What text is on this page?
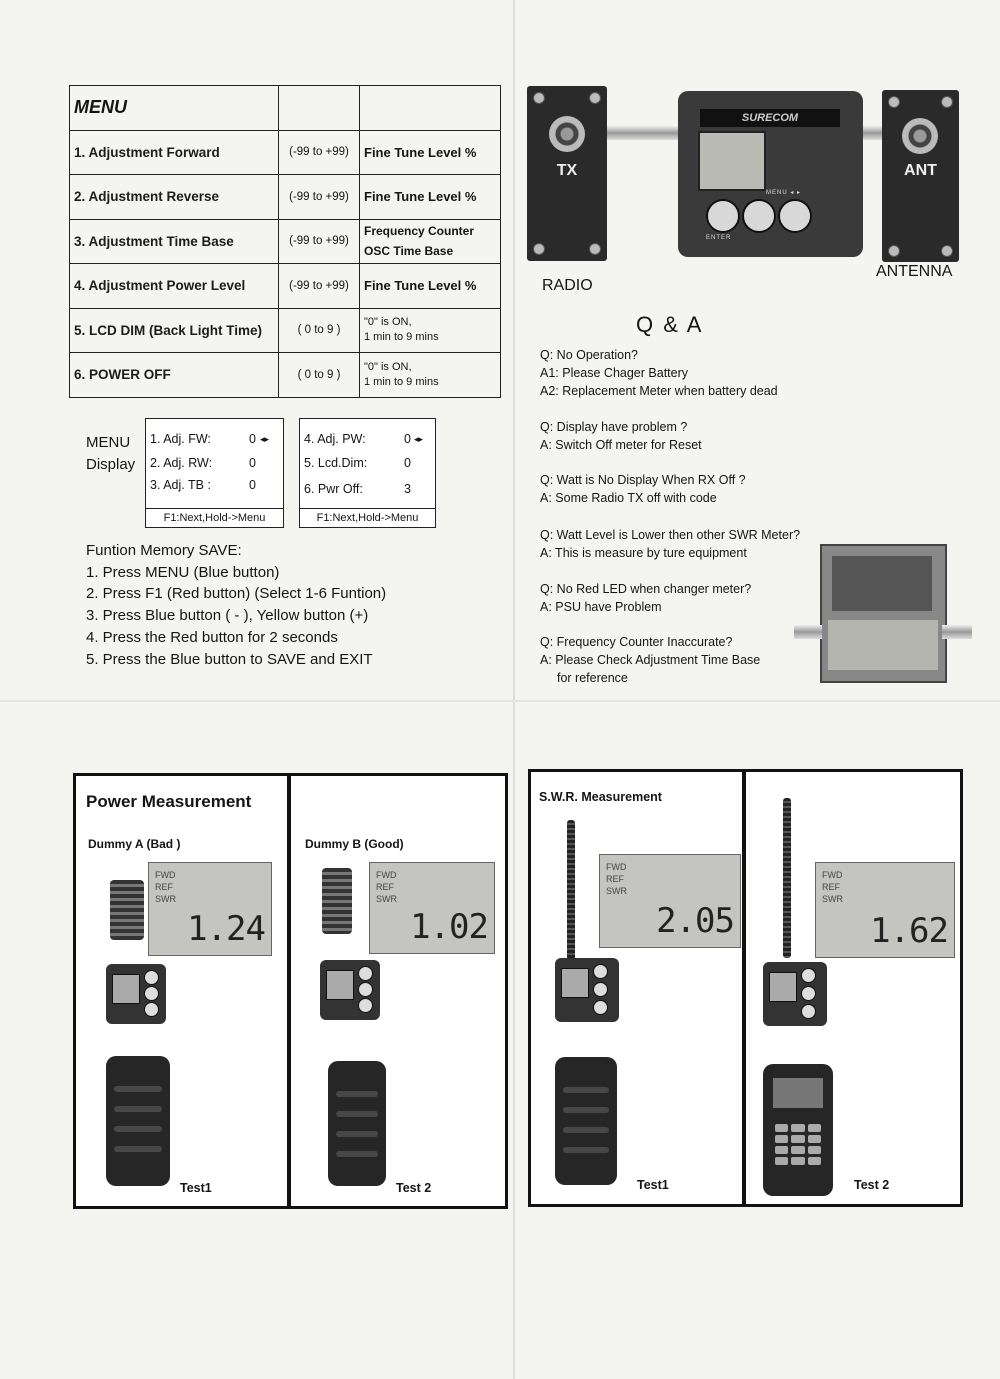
MENU		
1. Adjustment Forward	(-99 to +99)	Fine Tune Level %
2. Adjustment Reverse	(-99 to +99)	Fine Tune Level %
3. Adjustment Time Base	(-99 to +99)	Frequency Counter
OSC Time Base

4. Adjustment Power Level	(-99 to +99)	Fine Tune Level %
5. LCD DIM (Back Light Time)	( 0 to 9 )	"0" is ON,
1 min to 9 mins

6. POWER OFF	( 0 to 9 )	"0" is ON,
1 min to 9 mins
MENU
Display
1. Adj. FW:	0 ◂▸
2. Adj. RW:	0
3. Adj. TB :	0
F1:Next,Hold->Menu
4. Adj. PW:	0 ◂▸
5. Lcd.Dim:	0
6. Pwr Off:	3
F1:Next,Hold->Menu
Funtion Memory SAVE:
1. Press MENU (Blue button)
2. Press F1 (Red button) (Select 1-6 Funtion)
3. Press Blue button ( - ), Yellow button (+)
4. Press the Red button for 2 seconds
5. Press the Blue button to SAVE and EXIT
TX
SURECOM
MENU ◂ ▸
ENTER
ANT
RADIO
ANTENNA
Q & A
Q: No Operation?
A1: Please Chager Battery
A2: Replacement Meter when battery dead
Q: Display have problem ?
A: Switch Off meter for Reset
Q: Watt is No Display When RX Off ?
A: Some Radio TX off with code
Q: Watt Level is Lower then other SWR Meter?
A: This is measure by ture equipment
Q: No Red LED when changer meter?
A: PSU have Problem
Q: Frequency Counter Inaccurate?
A: Please Check Adjustment Time Base
for reference
Power Measurement
Dummy A (Bad )	Dummy B (Good)
FWD
REF
SWR
1.24
Test1
FWD
REF
SWR
1.02
Test 2
S.W.R. Measurement
FWD
REF
SWR
2.05
Test1
FWD
REF
SWR
1.62
Test 2
